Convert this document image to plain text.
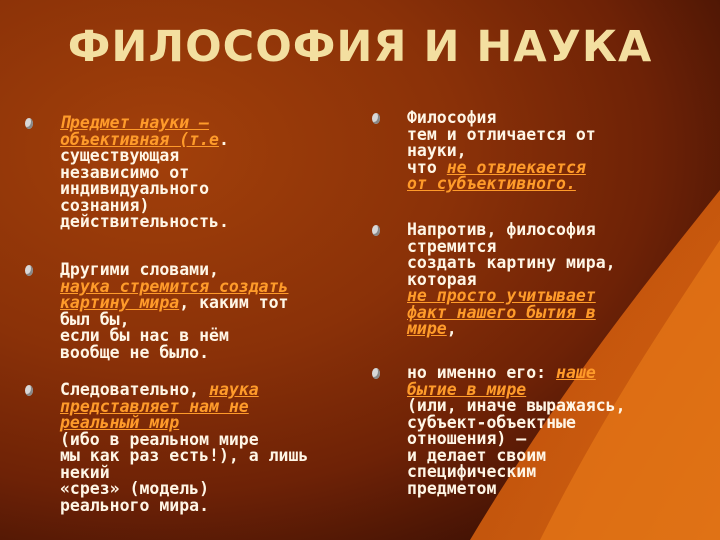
ФИЛОСОФИЯ И НАУКА
Предмет науки –
объективная (т.е.
существующая
независимо от
индивидуального
сознания)
действительность.
Другими словами,
наука стремится создать
картину мира, каким тот
был бы,
если бы нас в нём
вообще не было.
Следовательно, наука
представляет нам не
реальный мир
(ибо в реальном мире
мы как раз есть!), а лишь
некий
«срез» (модель)
реального мира.
Философия
тем и отличается от
науки,
что не отвлекается
от субъективного.
Напротив, философия
стремится
создать картину мира,
которая
не просто учитывает
факт нашего бытия в
мире,
но именно его: наше
бытие в мире
(или, иначе выражаясь,
субъект-объектные
отношения) –
и делает своим
специфическим
предметом
